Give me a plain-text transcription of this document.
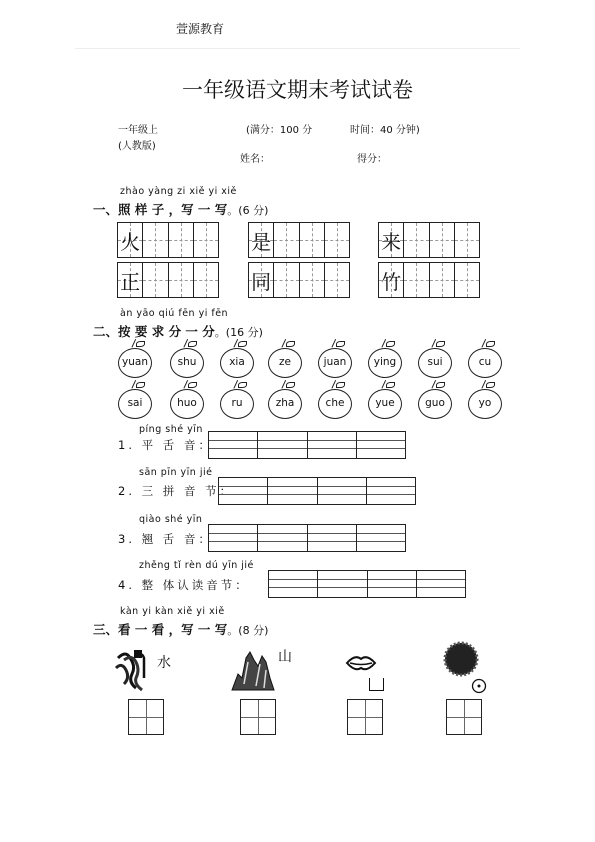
萱源教育
一年级语文期末考试试卷
一年级上
(人教版)
(满分：100 分	时间：40 分钟)
姓名：	得分：
zhào yàng zi xiě yi xiě
一、照 样 子 ，写 一 写。(6 分)
火	是	来
正	同	竹
àn yāo qiú fēn yi fēn
二、按 要 求 分 一 分。(16 分)
yuan	shu	xia	ze	juan	ying	sui	cu
sai	huo	ru	zha	che	yue	guo	yo
píng shé yīn
1. 平 舌 音：
sān pīn yīn jié
2. 三 拼 音 节：
qiào shé yīn
3. 翘 舌 音：
zhěng tǐ rèn dú yīn jié
4. 整 体认读音节：
kàn yi kàn xiě yi xiě
三、看 一 看 ，写 一 写。(8 分)
水	山
